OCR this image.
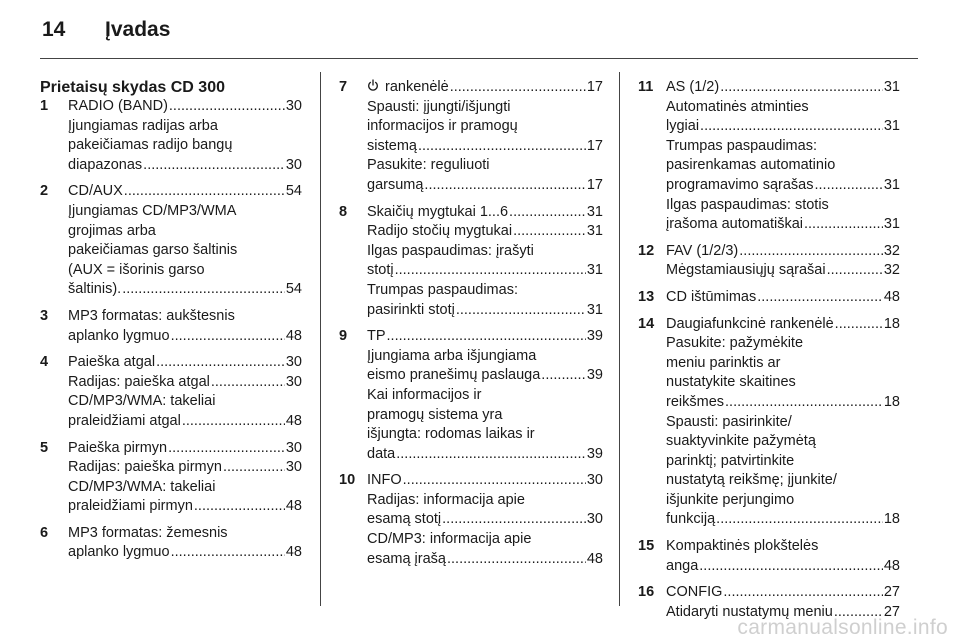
14 Įvadas
Prietaisų skydas CD 300
1 RADIO (BAND) .....	30
Įjungiamas radijas arba
pakeičiamas radijo bangų
diapazonas .....	30
2 CD/AUX .....	54
Įjungiamas CD/MP3/WMA
grojimas arba
pakeičiamas garso šaltinis
(AUX = išorinis garso
šaltinis). .....	54
3 MP3 formatas: aukštesnis
aplanko lygmuo .....	48
4 Paieška atgal .....	30
Radijas: paieška atgal .....	30
CD/MP3/WMA: takeliai
praleidžiami atgal .....	48
5 Paieška pirmyn .....	30
Radijas: paieška pirmyn .....	30
CD/MP3/WMA: takeliai
praleidžiami pirmyn .....	48
6 MP3 formatas: žemesnis
aplanko lygmuo .....	48
7	rankenėlė .....	17
Spausti: įjungti/išjungti
informacijos ir pramogų
sistemą .....	17
Pasukite: reguliuoti
garsumą .....	17
8 Skaičių mygtukai 1...6 .....	31
Radijo stočių mygtukai .....	31
Ilgas paspaudimas: įrašyti
stotį .....	31
Trumpas paspaudimas:
pasirinkti stotį .....	31
9 TP .....	39
Įjungiama arba išjungiama
eismo pranešimų paslauga .....	39
Kai informacijos ir
pramogų sistema yra
išjungta: rodomas laikas ir
data .....	39
10 INFO .....	30
Radijas: informacija apie
esamą stotį .....	30
CD/MP3: informacija apie
esamą įrašą .....	48
11 AS (1/2) .....	31
Automatinės atminties
lygiai .....	31
Trumpas paspaudimas:
pasirenkamas automatinio
programavimo sąrašas .....	31
Ilgas paspaudimas: stotis
įrašoma automatiškai .....	31
12 FAV (1/2/3) .....	32
Mėgstamiausiųjų sąrašai .....	32
13 CD ištūmimas .....	48
14 Daugiafunkcinė rankenėlė .....	18
Pasukite: pažymėkite
meniu parinktis ar
nustatykite skaitines
reikšmes .....	18
Spausti: pasirinkite/
suaktyvinkite pažymėtą
parinktį; patvirtinkite
nustatytą reikšmę; įjunkite/
išjunkite perjungimo
funkciją .....	18
15 Kompaktinės plokštelės
anga .....	48
16 CONFIG .....	27
Atidaryti nustatymų meniu .....	27
carmanualsonline.info
